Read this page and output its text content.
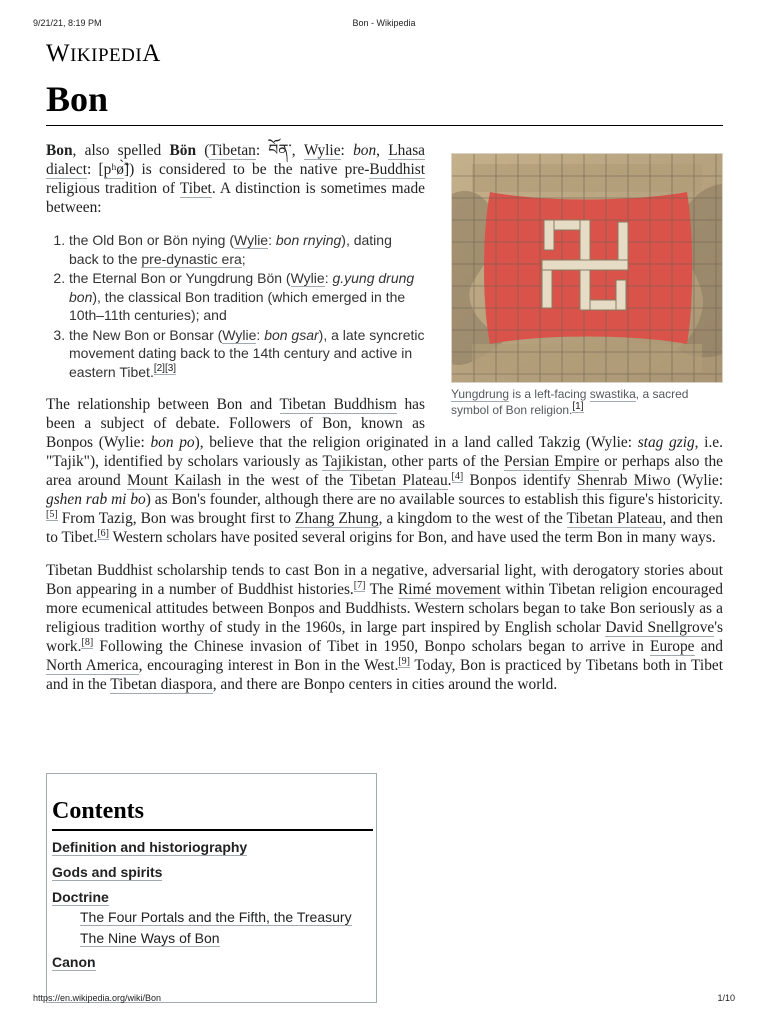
9/21/21, 8:19 PM	Bon - Wikipedia
WIKIPEDIA
Bon
Yungdrung is a left-facing swastika, a sacred symbol of Bon religion.[1]

Bon, also spelled Bön (Tibetan: བོན་, Wylie: bon, Lhasa dialect: [pʰø̃̀]) is considered to be the native pre-Buddhist religious tradition of Tibet. A distinction is sometimes made between:

1. the Old Bon or Bön nying (Wylie: bon rnying), dating back to the pre-dynastic era;
2. the Eternal Bon or Yungdrung Bön (Wylie: g.yung drung bon), the classical Bon tradition (which emerged in the 10th–11th centuries); and
3. the New Bon or Bonsar (Wylie: bon gsar), a late syncretic movement dating back to the 14th century and active in eastern Tibet.[2][3]

The relationship between Bon and Tibetan Buddhism has been a subject of debate. Followers of Bon, known as Bonpos (Wylie: bon po), believe that the religion originated in a land called Takzig (Wylie: stag gzig, i.e. "Tajik"), identified by scholars variously as Tajikistan, other parts of the Persian Empire or perhaps also the area around Mount Kailash in the west of the Tibetan Plateau.[4] Bonpos identify Shenrab Miwo (Wylie: gshen rab mi bo) as Bon's founder, although there are no available sources to establish this figure's historicity.[5] From Tazig, Bon was brought first to Zhang Zhung, a kingdom to the west of the Tibetan Plateau, and then to Tibet.[6] Western scholars have posited several origins for Bon, and have used the term Bon in many ways.

Tibetan Buddhist scholarship tends to cast Bon in a negative, adversarial light, with derogatory stories about Bon appearing in a number of Buddhist histories.[7] The Rimé movement within Tibetan religion encouraged more ecumenical attitudes between Bonpos and Buddhists. Western scholars began to take Bon seriously as a religious tradition worthy of study in the 1960s, in large part inspired by English scholar David Snellgrove's work.[8] Following the Chinese invasion of Tibet in 1950, Bonpo scholars began to arrive in Europe and North America, encouraging interest in Bon in the West.[9] Today, Bon is practiced by Tibetans both in Tibet and in the Tibetan diaspora, and there are Bonpo centers in cities around the world.

Contents
Definition and historiography
Gods and spirits
Doctrine
The Four Portals and the Fifth, the Treasury
The Nine Ways of Bon
Canon
https://en.wikipedia.org/wiki/Bon	1/10
